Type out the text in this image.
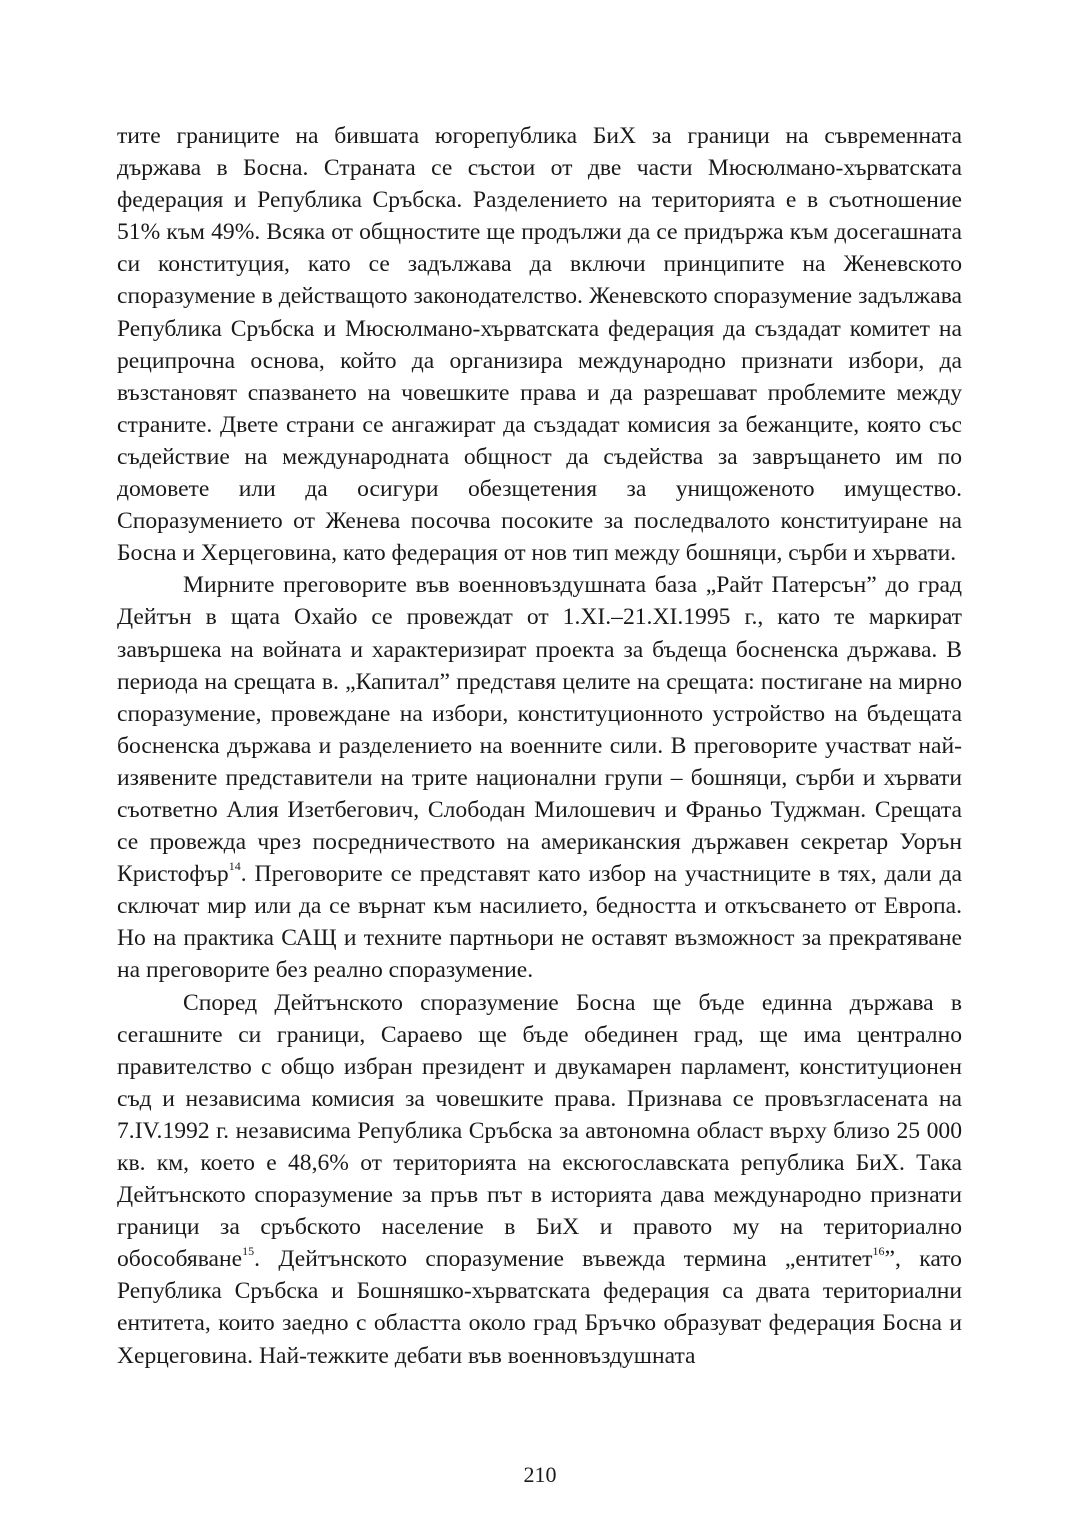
тите границите на бившата югорепублика БиХ за граници на съвременната държава в Босна. Страната се състои от две части Мюсюлмано-хърватската федерация и Република Сръбска. Разделението на територията е в съотношение 51% към 49%. Всяка от общностите ще продължи да се придържа към досегашната си конституция, като се задължава да включи принципите на Женевското споразумение в действащото законодателство. Женевското споразумение задължава Република Сръбска и Мюсюлмано-хърватската федерация да създадат комитет на реципрочна основа, който да организира международно признати избори, да възстановят спазването на човешките права и да разрешават проблемите между страните. Двете страни се ангажират да създадат комисия за бежанците, която със съдействие на международната общност да съдейства за завръщането им по домовете или да осигури обезщетения за унищоженото имущество. Споразумението от Женева посочва посоките за последвалото конституиране на Босна и Херцеговина, като федерация от нов тип между бошняци, сърби и хървати.

Мирните преговорите във военновъздушната база „Райт Патерсън” до град Дейтън в щата Охайо се провеждат от 1.XI.–21.XI.1995 г., като те маркират завършека на войната и характеризират проекта за бъдеща босненска държава. В периода на срещата в. „Капитал” представя целите на срещата: постигане на мирно споразумение, провеждане на избори, конституционното устройство на бъдещата босненска държава и разделението на военните сили. В преговорите участват най-изявените представители на трите национални групи – бошняци, сърби и хървати съответно Алия Изетбегович, Слободан Милошевич и Франьо Туджман. Срещата се провежда чрез посредничеството на американския държавен секретар Уорън Кристофър$^{14}$. Преговорите се представят като избор на участниците в тях, дали да сключат мир или да се върнат към насилието, бедността и откъсването от Европа. Но на практика САЩ и техните партньори не оставят възможност за прекратяване на преговорите без реално споразумение.

Според Дейтънското споразумение Босна ще бъде единна държава в сегашните си граници, Сараево ще бъде обединен град, ще има централно правителство с общо избран президент и двукамарен парламент, конституционен съд и независима комисия за човешките права. Признава се провъзгласената на 7.IV.1992 г. независима Република Сръбска за автономна област върху близо 25 000 кв. км, което е 48,6% от територията на ексюгославската република БиХ. Така Дейтънското споразумение за пръв път в историята дава международно признати граници за сръбското население в БиХ и правото му на териториално обособяване$^{15}$. Дейтънското споразумение въвежда термина „ентитет$^{16}$”, като Република Сръбска и Бошняшко-хърватската федерация са двата териториални ентитета, които заедно с областта около град Бръчко образуват федерация Босна и Херцеговина. Най-тежките дебати във военновъздушната

210
